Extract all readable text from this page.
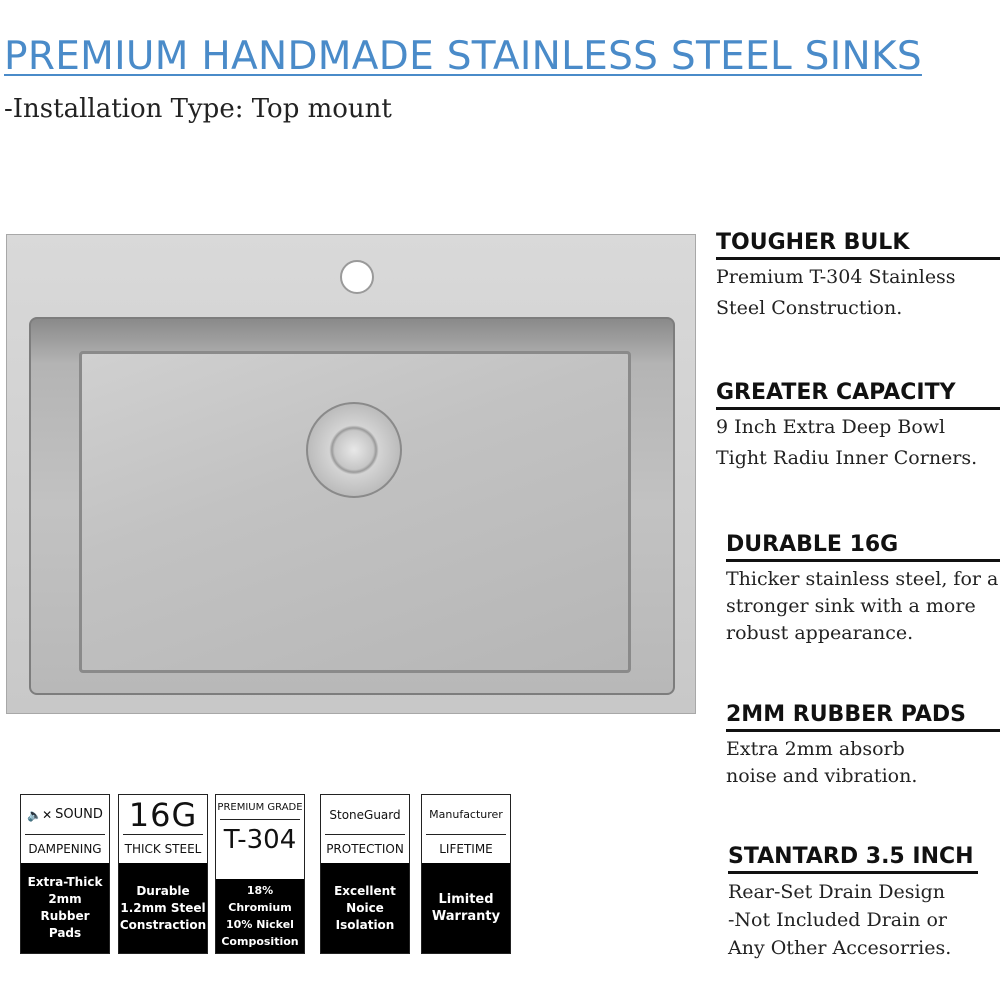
PREMIUM HANDMADE STAINLESS STEEL SINKS
-Installation Type: Top mount
TOUGHER BULK
Premium T-304 Stainless
Steel Construction.
GREATER CAPACITY
9 Inch Extra Deep Bowl
Tight Radiu Inner Corners.
DURABLE 16G
Thicker stainless steel, for a
stronger sink with a more
robust appearance.
2MM RUBBER PADS
Extra 2mm absorb
noise and vibration.
STANTARD 3.5 INCH
Rear-Set Drain Design
-Not Included Drain or
Any Other Accesorries.
🔈✕ SOUND
DAMPENING
Extra-Thick
2mm
Rubber Pads
16G
THICK STEEL
Durable
1.2mm Steel
Constraction
PREMIUM GRADE
T-304
18% Chromium
10% Nickel
Composition
StoneGuard
PROTECTION
Excellent
Noice
Isolation
Manufacturer
LIFETIME
Limited
Warranty
